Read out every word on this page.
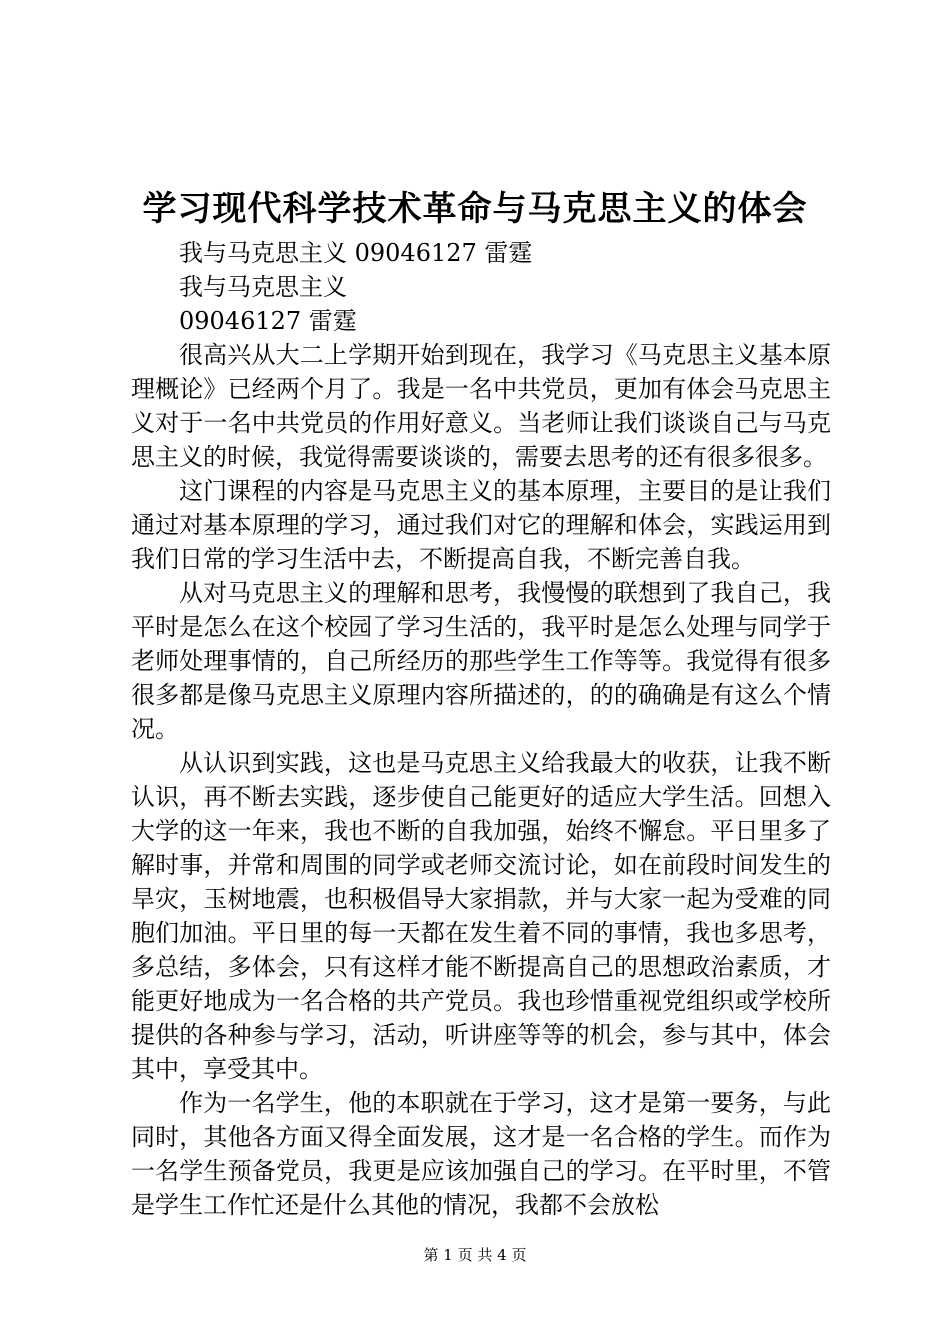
学习现代科学技术革命与马克思主义的体会

我与马克思主义 09046127 雷霆

我与马克思主义

09046127 雷霆

很高兴从大二上学期开始到现在，我学习《马克思主义基本原理概论》已经两个月了。我是一名中共党员，更加有体会马克思主义对于一名中共党员的作用好意义。当老师让我们谈谈自己与马克思主义的时候，我觉得需要谈谈的，需要去思考的还有很多很多。

这门课程的内容是马克思主义的基本原理，主要目的是让我们通过对基本原理的学习，通过我们对它的理解和体会，实践运用到我们日常的学习生活中去，不断提高自我，不断完善自我。

从对马克思主义的理解和思考，我慢慢的联想到了我自己，我平时是怎么在这个校园了学习生活的，我平时是怎么处理与同学于老师处理事情的，自己所经历的那些学生工作等等。我觉得有很多很多都是像马克思主义原理内容所描述的，的的确确是有这么个情况。

从认识到实践，这也是马克思主义给我最大的收获，让我不断认识，再不断去实践，逐步使自己能更好的适应大学生活。回想入大学的这一年来，我也不断的自我加强，始终不懈怠。平日里多了解时事，并常和周围的同学或老师交流讨论，如在前段时间发生的旱灾，玉树地震，也积极倡导大家捐款，并与大家一起为受难的同胞们加油。平日里的每一天都在发生着不同的事情，我也多思考，多总结，多体会，只有这样才能不断提高自己的思想政治素质，才能更好地成为一名合格的共产党员。我也珍惜重视党组织或学校所提供的各种参与学习，活动，听讲座等等的机会，参与其中，体会其中，享受其中。

作为一名学生，他的本职就在于学习，这才是第一要务，与此同时，其他各方面又得全面发展，这才是一名合格的学生。而作为一名学生预备党员，我更是应该加强自己的学习。在平时里，不管是学生工作忙还是什么其他的情况，我都不会放松

第 1 页 共 4 页
